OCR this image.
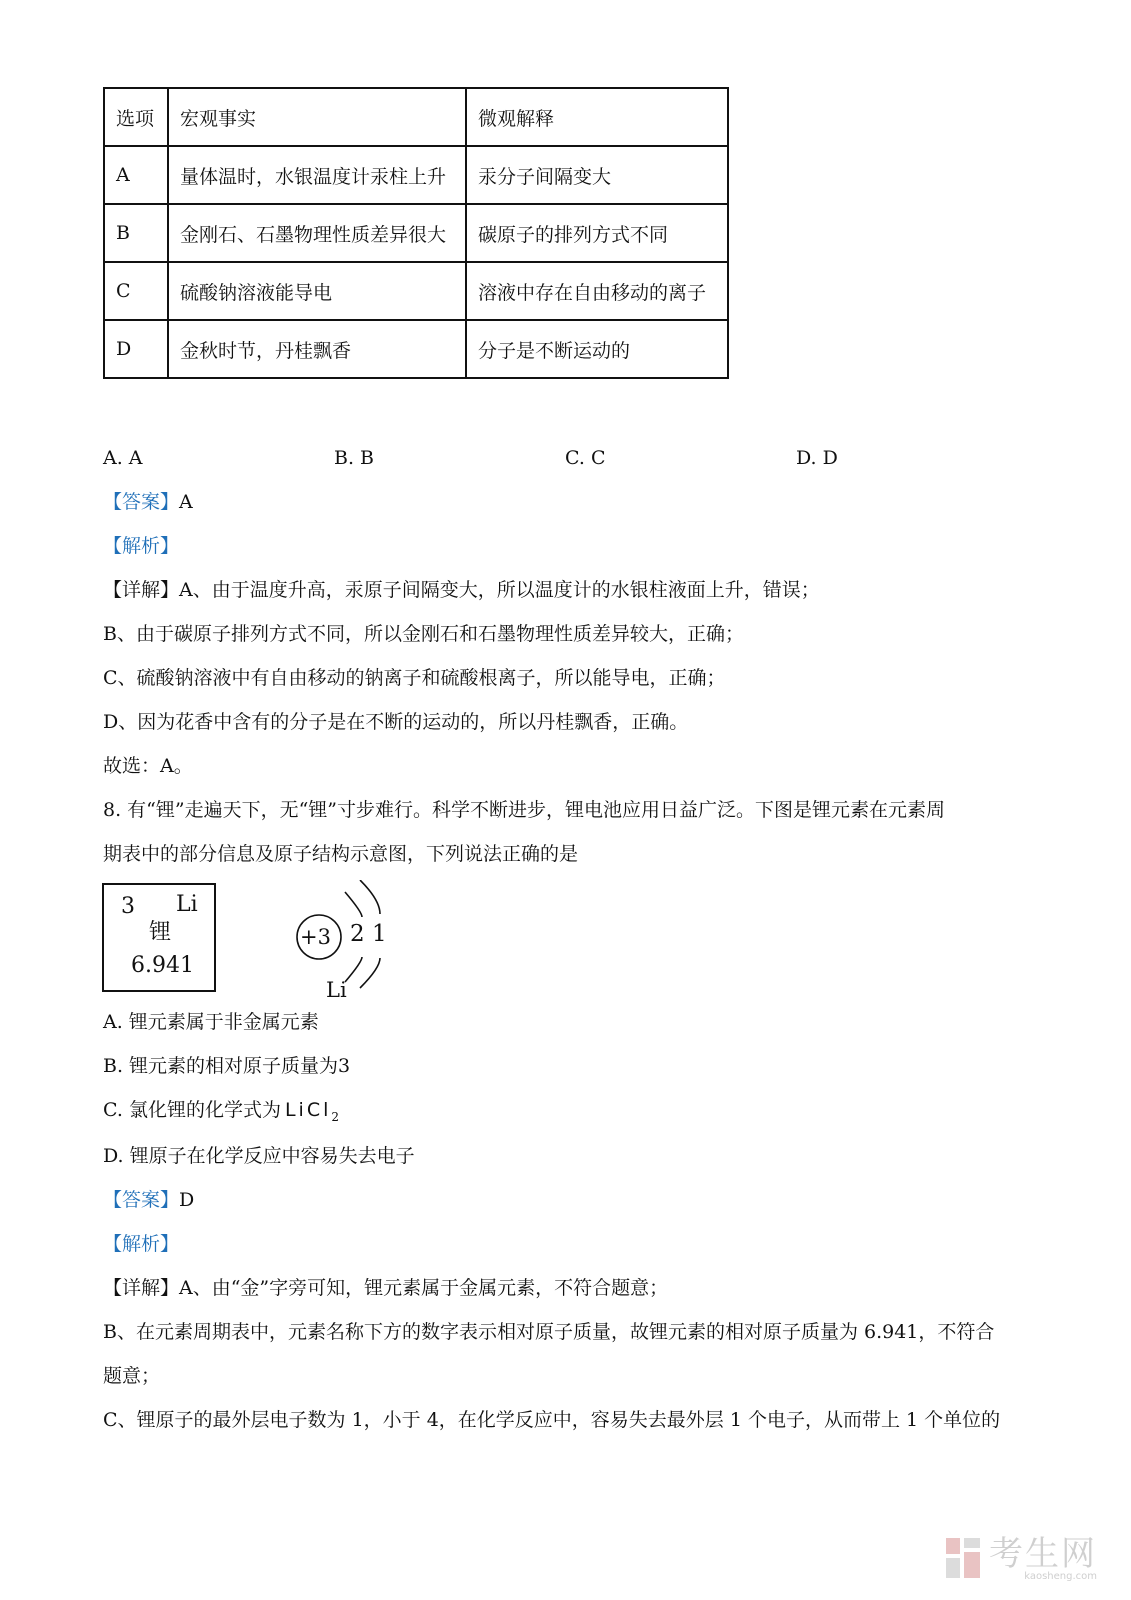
选项	宏观事实	微观解释
A	量体温时，水银温度计汞柱上升	汞分子间隔变大
B	金刚石、石墨物理性质差异很大	碳原子的排列方式不同
C	硫酸钠溶液能导电	溶液中存在自由移动的离子
D	金秋时节，丹桂飘香	分子是不断运动的
A. A	B. B	C. C	D. D
【答案】A
【解析】
【详解】A、由于温度升高，汞原子间隔变大，所以温度计的水银柱液面上升，错误；
B、由于碳原子排列方式不同，所以金刚石和石墨物理性质差异较大，正确；
C、硫酸钠溶液中有自由移动的钠离子和硫酸根离子，所以能导电，正确；
D、因为花香中含有的分子是在不断的运动的，所以丹桂飘香，正确。
故选：A。
8. 有“锂”走遍天下，无“锂”寸步难行。科学不断进步，锂电池应用日益广泛。下图是锂元素在元素周
期表中的部分信息及原子结构示意图，下列说法正确的是
3 Li
锂
6.941
+3 2 1
Li
A. 锂元素属于非金属元素
B. 锂元素的相对原子质量为3
C. 氯化锂的化学式为 LiCl$_2$
D. 锂原子在化学反应中容易失去电子
【答案】D
【解析】
【详解】A、由“金”字旁可知，锂元素属于金属元素，不符合题意；
B、在元素周期表中，元素名称下方的数字表示相对原子质量，故锂元素的相对原子质量为 6.941，不符合
题意；
C、锂原子的最外层电子数为 1，小于 4，在化学反应中，容易失去最外层 1 个电子，从而带上 1 个单位的

考生网
kaosheng.com
